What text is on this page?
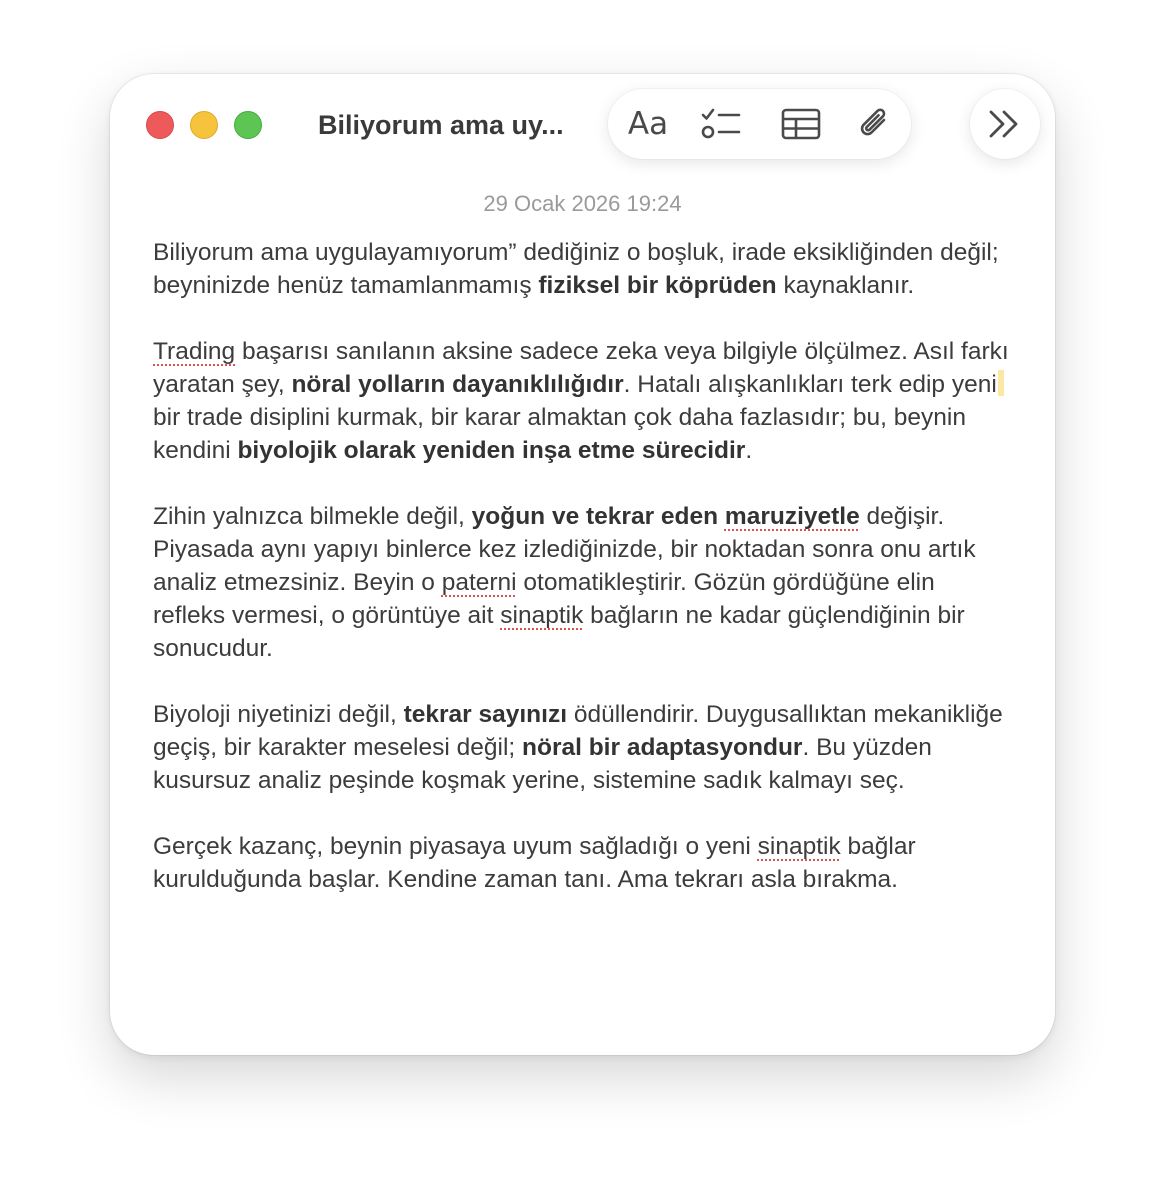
Biliyorum ama uy...	Aa
29 Ocak 2026 19:24

Biliyorum ama uygulayamıyorum” dediğiniz o boşluk, irade eksikliğinden değil; beyninizde henüz tamamlanmamış fiziksel bir köprüden kaynaklanır.

Trading başarısı sanılanın aksine sadece zeka veya bilgiyle ölçülmez. Asıl farkı yaratan şey, nöral yolların dayanıklılığıdır. Hatalı alışkanlıkları terk edip yenibir trade disiplini kurmak, bir karar almaktan çok daha fazlasıdır; bu, beynin kendini biyolojik olarak yeniden inşa etme sürecidir.

Zihin yalnızca bilmekle değil, yoğun ve tekrar eden maruziyetle değişir. Piyasada aynı yapıyı binlerce kez izlediğinizde, bir noktadan sonra onu artık analiz etmezsiniz. Beyin o paterni otomatikleştirir. Gözün gördüğüne elin refleks vermesi, o görüntüye ait sinaptik bağların ne kadar güçlendiğinin bir sonucudur.

Biyoloji niyetinizi değil, tekrar sayınızı ödüllendirir. Duygusallıktan mekanikliğe geçiş, bir karakter meselesi değil; nöral bir adaptasyondur. Bu yüzden kusursuz analiz peşinde koşmak yerine, sistemine sadık kalmayı seç.

Gerçek kazanç, beynin piyasaya uyum sağladığı o yeni sinaptik bağlar kurulduğunda başlar. Kendine zaman tanı. Ama tekrarı asla bırakma.
